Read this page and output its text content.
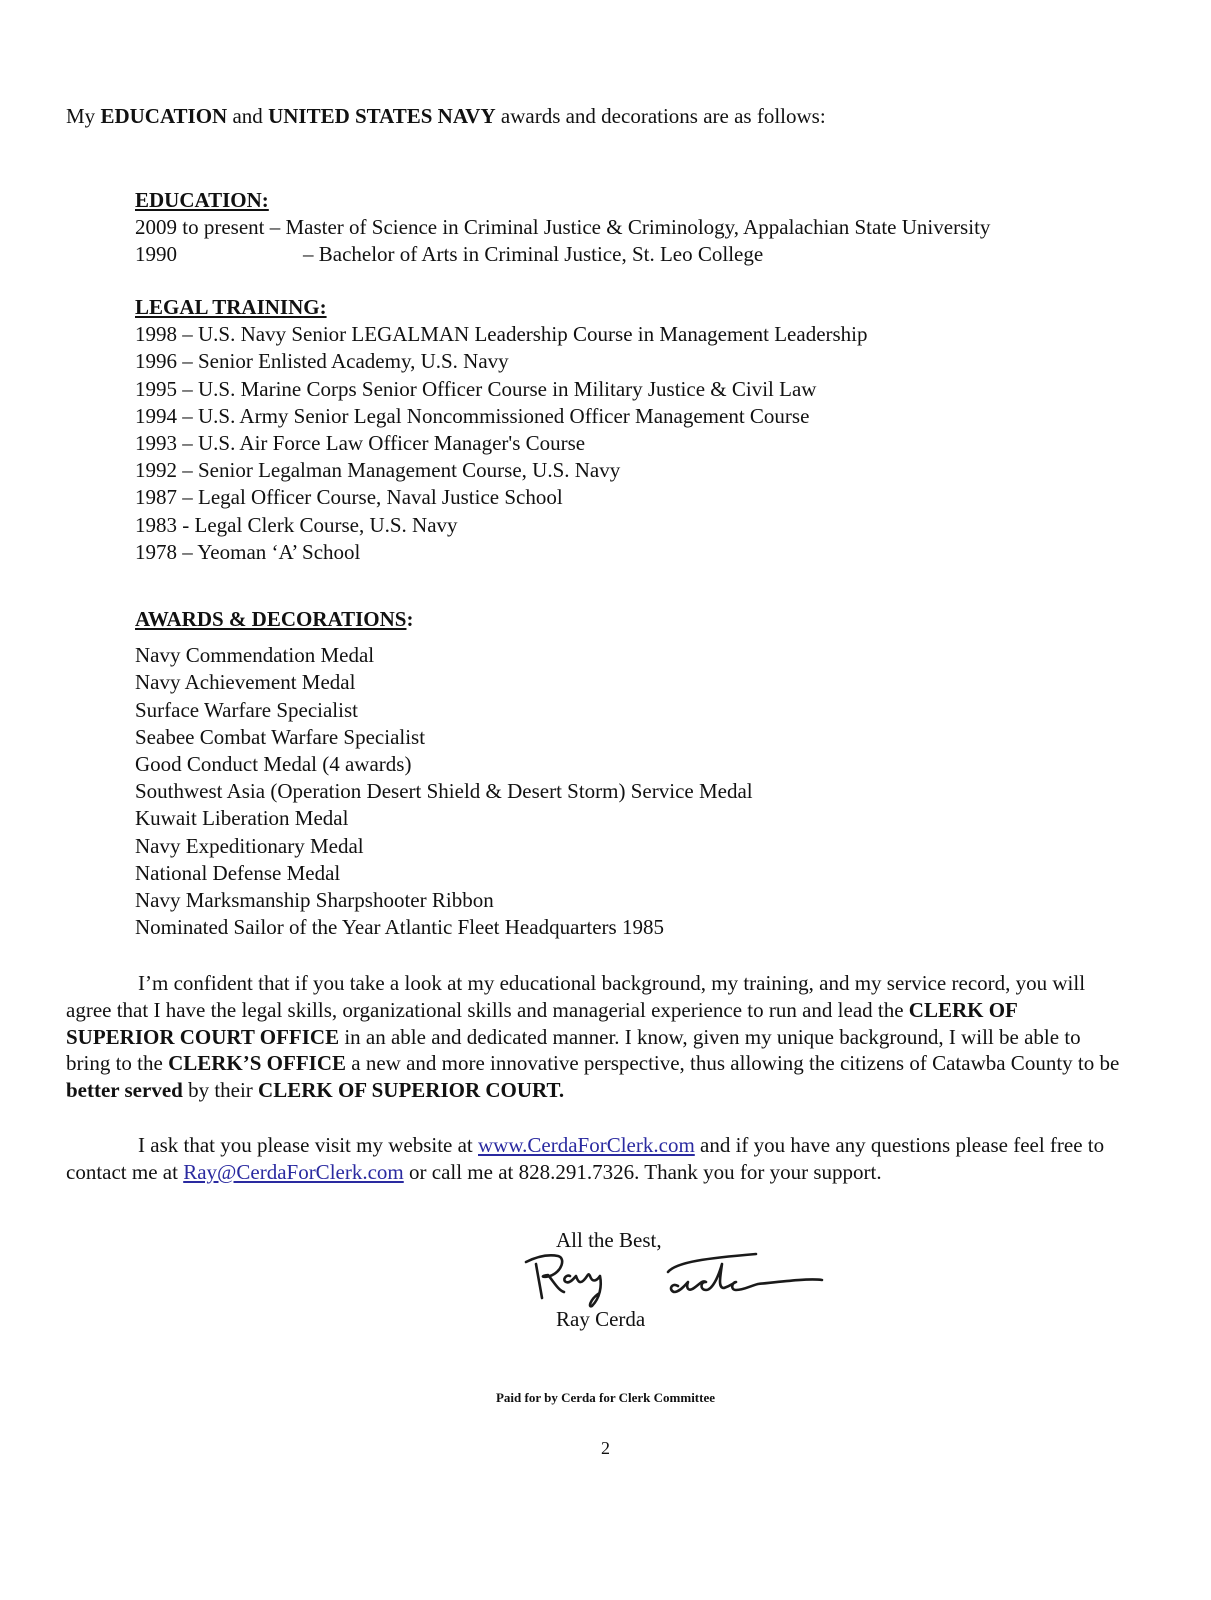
My EDUCATION and UNITED STATES NAVY awards and decorations are as follows:
EDUCATION:
2009 to present – Master of Science in Criminal Justice & Criminology, Appalachian State University
1990	– Bachelor of Arts in Criminal Justice, St. Leo College
LEGAL TRAINING:
1998 – U.S. Navy Senior LEGALMAN Leadership Course in Management Leadership
1996 – Senior Enlisted Academy, U.S. Navy
1995 – U.S. Marine Corps Senior Officer Course in Military Justice & Civil Law
1994 – U.S. Army Senior Legal Noncommissioned Officer Management Course
1993 – U.S. Air Force Law Officer Manager's Course
1992 – Senior Legalman Management Course, U.S. Navy
1987 – Legal Officer Course, Naval Justice School
1983 - Legal Clerk Course, U.S. Navy
1978 – Yeoman ‘A’ School
AWARDS & DECORATIONS:
Navy Commendation Medal
Navy Achievement Medal
Surface Warfare Specialist
Seabee Combat Warfare Specialist
Good Conduct Medal (4 awards)
Southwest Asia (Operation Desert Shield & Desert Storm) Service Medal
Kuwait Liberation Medal
Navy Expeditionary Medal
National Defense Medal
Navy Marksmanship Sharpshooter Ribbon
Nominated Sailor of the Year Atlantic Fleet Headquarters 1985
I’m confident that if you take a look at my educational background, my training, and my service record, you will agree that I have the legal skills, organizational skills and managerial experience to run and lead the CLERK OF SUPERIOR COURT OFFICE in an able and dedicated manner. I know, given my unique background, I will be able to bring to the CLERK’S OFFICE a new and more innovative perspective, thus allowing the citizens of Catawba County to be better served by their CLERK OF SUPERIOR COURT.
I ask that you please visit my website at www.CerdaForClerk.com and if you have any questions please feel free to contact me at Ray@CerdaForClerk.com or call me at 828.291.7326. Thank you for your support.
All the Best,
Ray Cerda
Ray Cerda
Paid for by Cerda for Clerk Committee
2
